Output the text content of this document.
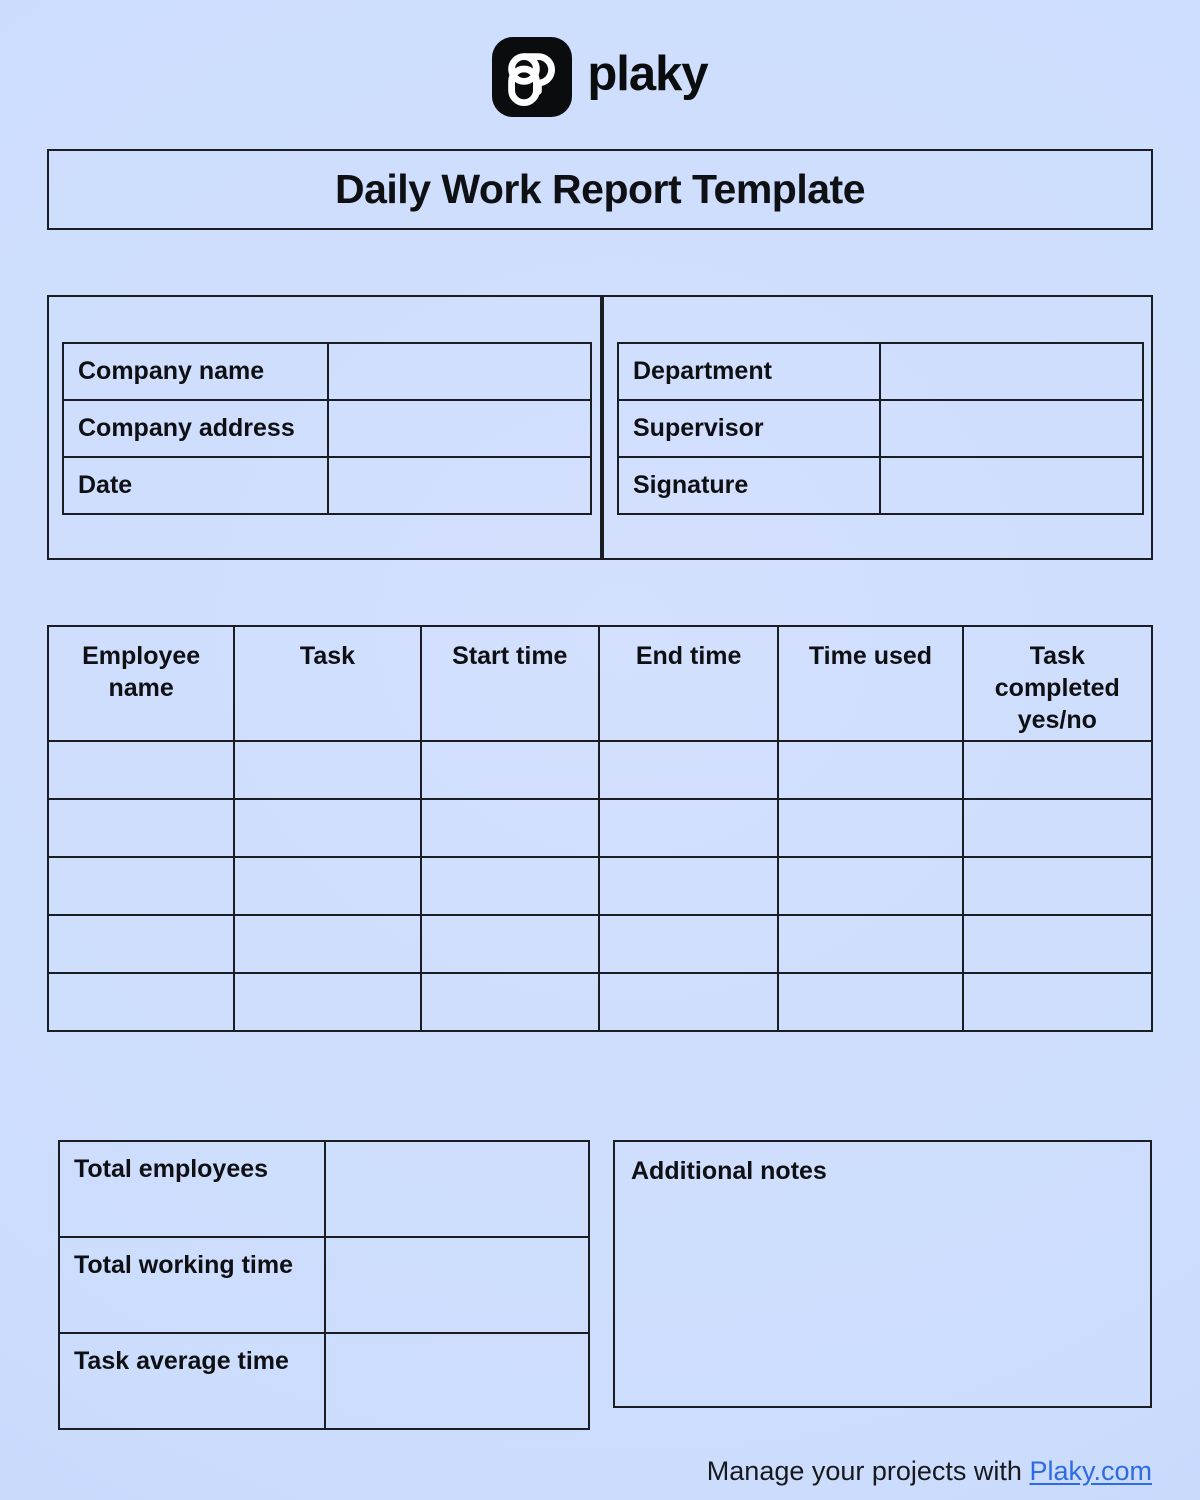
plaky
Daily Work Report Template
Company name	
Company address	
Date	
Department	
Supervisor	
Signature	
Employee name	Task	Start time	End time	Time used	Task completed yes/no

Total employees	
Total working time	
Task average time	
Additional notes
Manage your projects with Plaky.com
